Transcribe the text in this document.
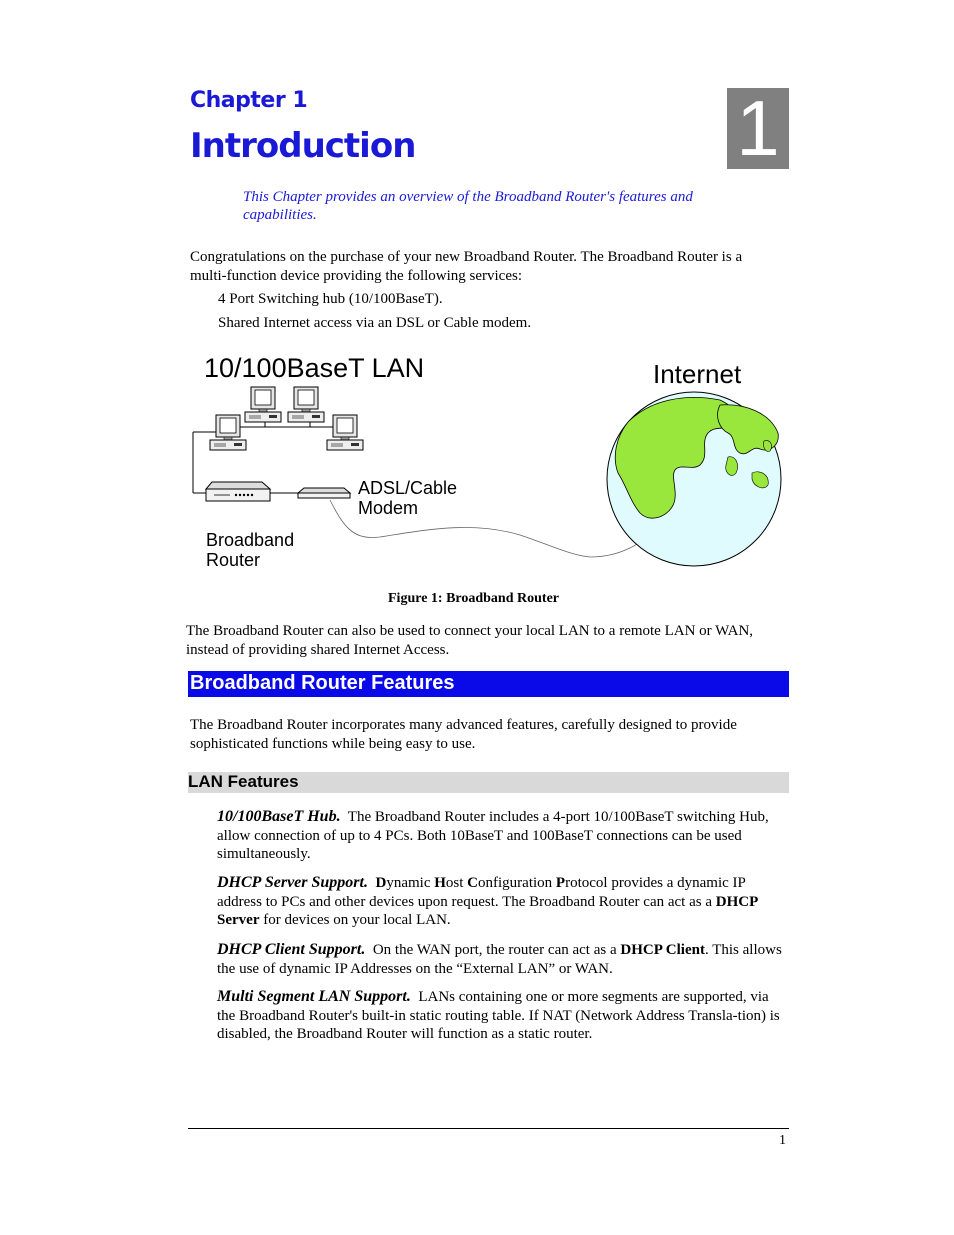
Chapter 1
Introduction	1
This Chapter provides an overview of the Broadband Router's features and capabilities.
Congratulations on the purchase of your new Broadband Router. The Broadband Router is a multi-function device providing the following services:
4 Port Switching hub (10/100BaseT).
Shared Internet access via an DSL or Cable modem.
10/100BaseT LAN	Internet
ADSL/Cable
Modem
Broadband
Router
Figure 1: Broadband Router
The Broadband Router can also be used to connect your local LAN to a remote LAN or WAN, instead of providing shared Internet Access.
Broadband Router Features
The Broadband Router incorporates many advanced features, carefully designed to provide sophisticated functions while being easy to use.
LAN Features
10/100BaseT Hub. The Broadband Router includes a 4-port 10/100BaseT switching Hub, allow connection of up to 4 PCs. Both 10BaseT and 100BaseT connections can be used simultaneously.
DHCP Server Support. Dynamic Host Configuration Protocol provides a dynamic IP address to PCs and other devices upon request. The Broadband Router can act as a DHCP Server for devices on your local LAN.
DHCP Client Support. On the WAN port, the router can act as a DHCP Client. This allows the use of dynamic IP Addresses on the “External LAN” or WAN.
Multi Segment LAN Support. LANs containing one or more segments are supported, via the Broadband Router's built-in static routing table. If NAT (Network Address Transla-tion) is disabled, the Broadband Router will function as a static router.
1
